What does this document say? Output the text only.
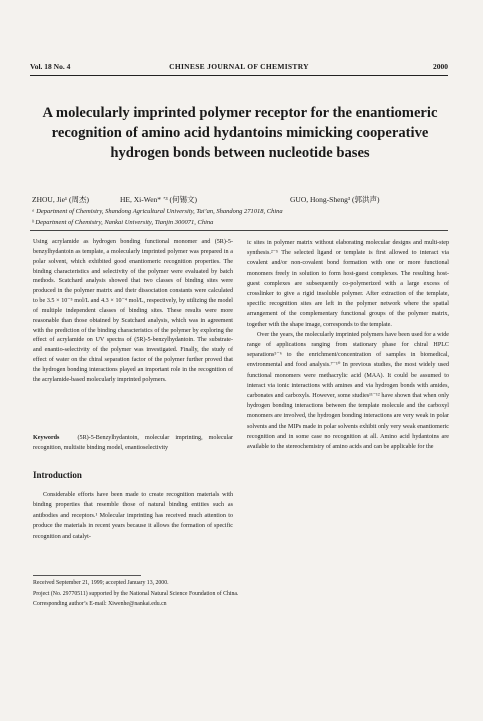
Vol. 18 No. 4	CHINESE JOURNAL OF CHEMISTRY	2000
A molecularly imprinted polymer receptor for the enantiomeric recognition of amino acid hydantoins mimicking cooperative hydrogen bonds between nucleotide bases
ZHOU, Jie¹ (周杰)	HE, Xi-Wen* ’³ (何锡文)	GUO, Hong-Sheng³ (郭洪声)
ᵃ Department of Chemistry, Shandong Agricultural University, Tai’an, Shandong 271018, China
ᵇ Department of Chemistry, Nankai University, Tianjin 300071, China

Using acrylamide as hydrogen bonding functional monomer and (5R)-5-benzylhydantoin as template, a molecularly imprinted polymer was prepared in a polar solvent, which exhibited good enantiomeric recognition properties. The binding characteristics and selectivity of the polymer were evaluated by batch methods. Scatchard analysis showed that two classes of binding sites were produced in the polymer matrix and their dissociation constants were calculated to be 3.5 × 10⁻⁵ mol/L and 4.3 × 10⁻⁴ mol/L, respectively, by utilizing the model of multiple independent classes of binding sites. These results were more reasonable than those obtained by Scatchard analysis, which was in agreement with the prediction of the binding characteristics of the polymer by exploring the effect of acrylamide on UV spectra of (5R)-5-benzylhydantoin. The substrate- and enantio-selectivity of the polymer was investigated. Finally, the study of effect of water on the chiral separation factor of the polymer further proved that the hydrogen bonding interactions played an important role in the recognition of the acrylamide-based molecularly imprinted polymers.

Keywords	(5R)-5-Benzylhydantoin, molecular imprinting, molecular recognition, multisite binding model, enantioselectivity

Introduction

Considerable efforts have been made to create recognition materials with binding properties that resemble those of natural binding entities such as antibodies and receptors.¹ Molecular imprinting has received much attention to produce the materials in recent years because it allows the formation of specific recognition and catalyt-

ic sites in polymer matrix without elaborating molecular designs and multi-step synthesis.²⁻⁵ The selected ligand or template is first allowed to interact via covalent and/or non-covalent bond formation with one or more functional monomers freely in solution to form host-guest complexes. The resulting host-guest complexes are subsequently co-polymerized with a large excess of crosslinker to give a rigid insoluble polymer. After extraction of the template, specific recognition sites are left in the polymer network where the spatial arrangement of the complementary functional groups of the polymer matrix, together with the shape image, corresponds to the template.

Over the years, the molecularly imprinted polymers have been used for a wide range of applications ranging from stationary phase for chiral HPLC separations⁵⁻⁶ to the enrichment/concentration of samples in biomedical, environmental and food analysis.⁷⁻¹⁰ In previous studies, the most widely used functional monomers were methacrylic acid (MAA). It could be assumed to interact via ionic interactions with amines and via hydrogen bonds with amides, carbonates and carboxyls. However, some studies¹¹⁻¹² have shown that when only hydrogen bonding interactions between the template molecule and the carboxyl monomers are involved, the hydrogen bonding interactions are very weak in polar solvents and the MIPs made in polar solvents exhibit only very weak enantiomeric recognition and in some case no recognition at all. Amino acid hydantoins are available to the stereochemistry of amino acids and can be applicable for the

Received September 21, 1999; accepted January 13, 2000.
Project (No. 29770511) supported by the National Natural Science Foundation of China.
Corresponding author’s E-mail: Xiwenhe@nankai.edu.cn
